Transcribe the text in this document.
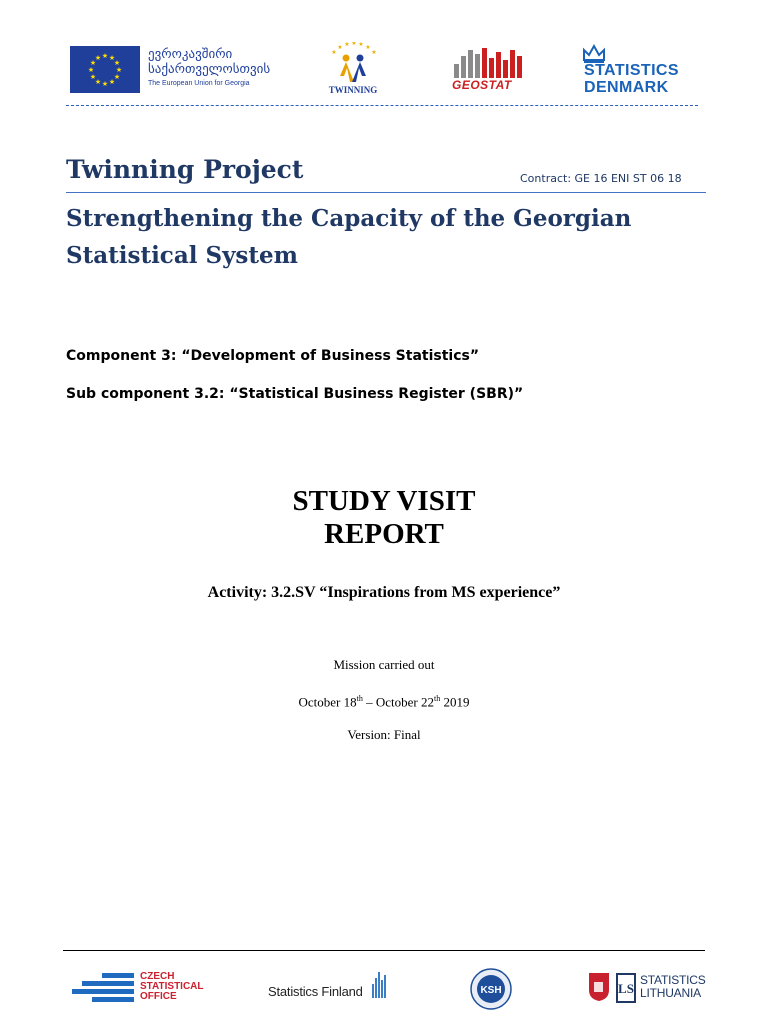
★ ★
★
★
★
★
★
★
★
★
★
★	ევროკავშირი
საქართველოსთვის
The European Union for Georgia
★
★ ★ ★ ★ ★
★
TWINNING	GEOSTAT
STATISTICS
DENMARK
Twinning Project	Contract: GE 16 ENI ST 06 18
Strengthening the Capacity of the Georgian Statistical System
Component 3: “Development of Business Statistics”
Sub component 3.2: “Statistical Business Register (SBR)”
STUDY VISIT
REPORT
Activity: 3.2.SV “Inspirations from MS experience”
Mission carried out
October 18th – October 22th 2019
Version: Final
CZECH
STATISTICAL
OFFICE	Statistics Finland	KSH	LS
STATISTICS
LITHUANIA
